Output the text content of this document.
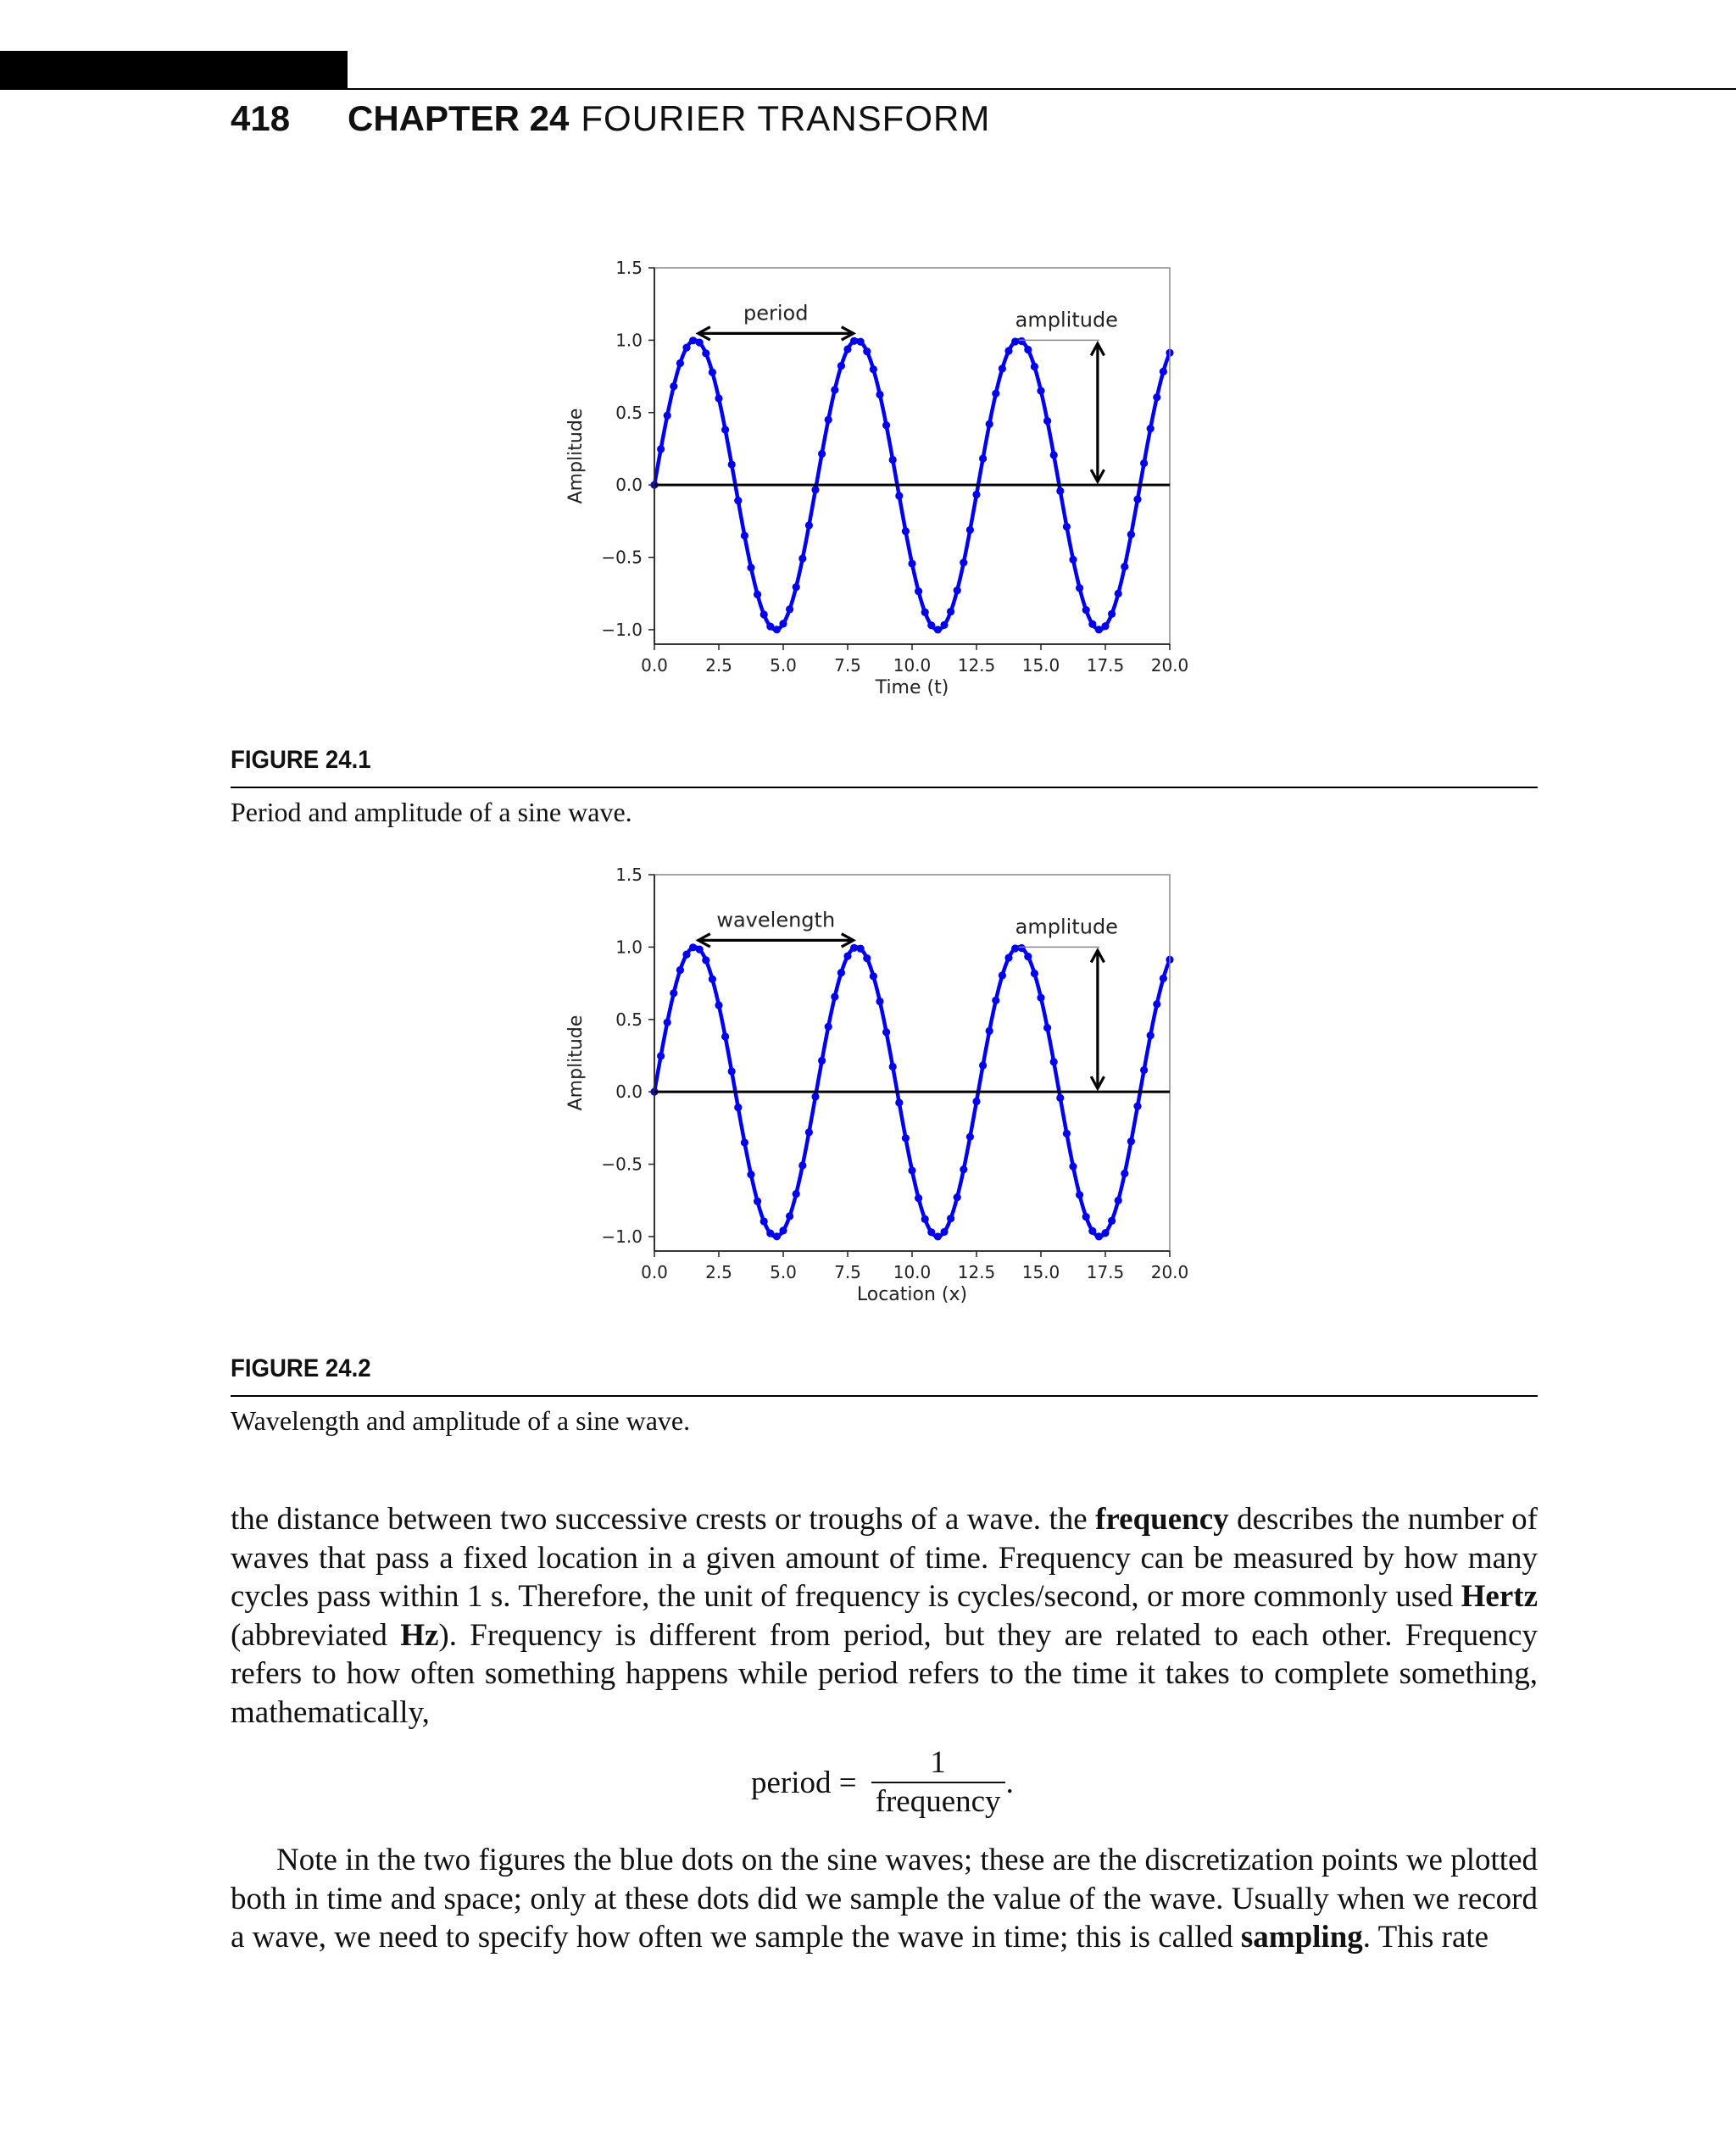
418 CHAPTER 24 FOURIER TRANSFORM
1.5
1.0
0.5
0.0
−0.5
−1.0
0.0 2.5 5.0 7.5 10.0 12.5 15.0 17.5 20.0
Time (t)
Amplitude
period	amplitude
FIGURE 24.1
Period and amplitude of a sine wave.
1.5
1.0
0.5
0.0
−0.5
−1.0
0.0 2.5 5.0 7.5 10.0 12.5 15.0 17.5 20.0
Location (x)
Amplitude
wavelength	amplitude
FIGURE 24.2
Wavelength and amplitude of a sine wave.
the distance between two successive crests or troughs of a wave. the frequency describes the number of waves that pass a fixed location in a given amount of time. Frequency can be measured by how many cycles pass within 1 s. Therefore, the unit of frequency is cycles/second, or more commonly used Hertz (abbreviated Hz). Frequency is different from period, but they are related to each other. Frequency refers to how often something happens while period refers to the time it takes to complete something, mathematically,
period = $\frac{1}{\text{frequency}}$ .
Note in the two figures the blue dots on the sine waves; these are the discretization points we plotted both in time and space; only at these dots did we sample the value of the wave. Usually when we record a wave, we need to specify how often we sample the wave in time; this is called sampling. This rate
